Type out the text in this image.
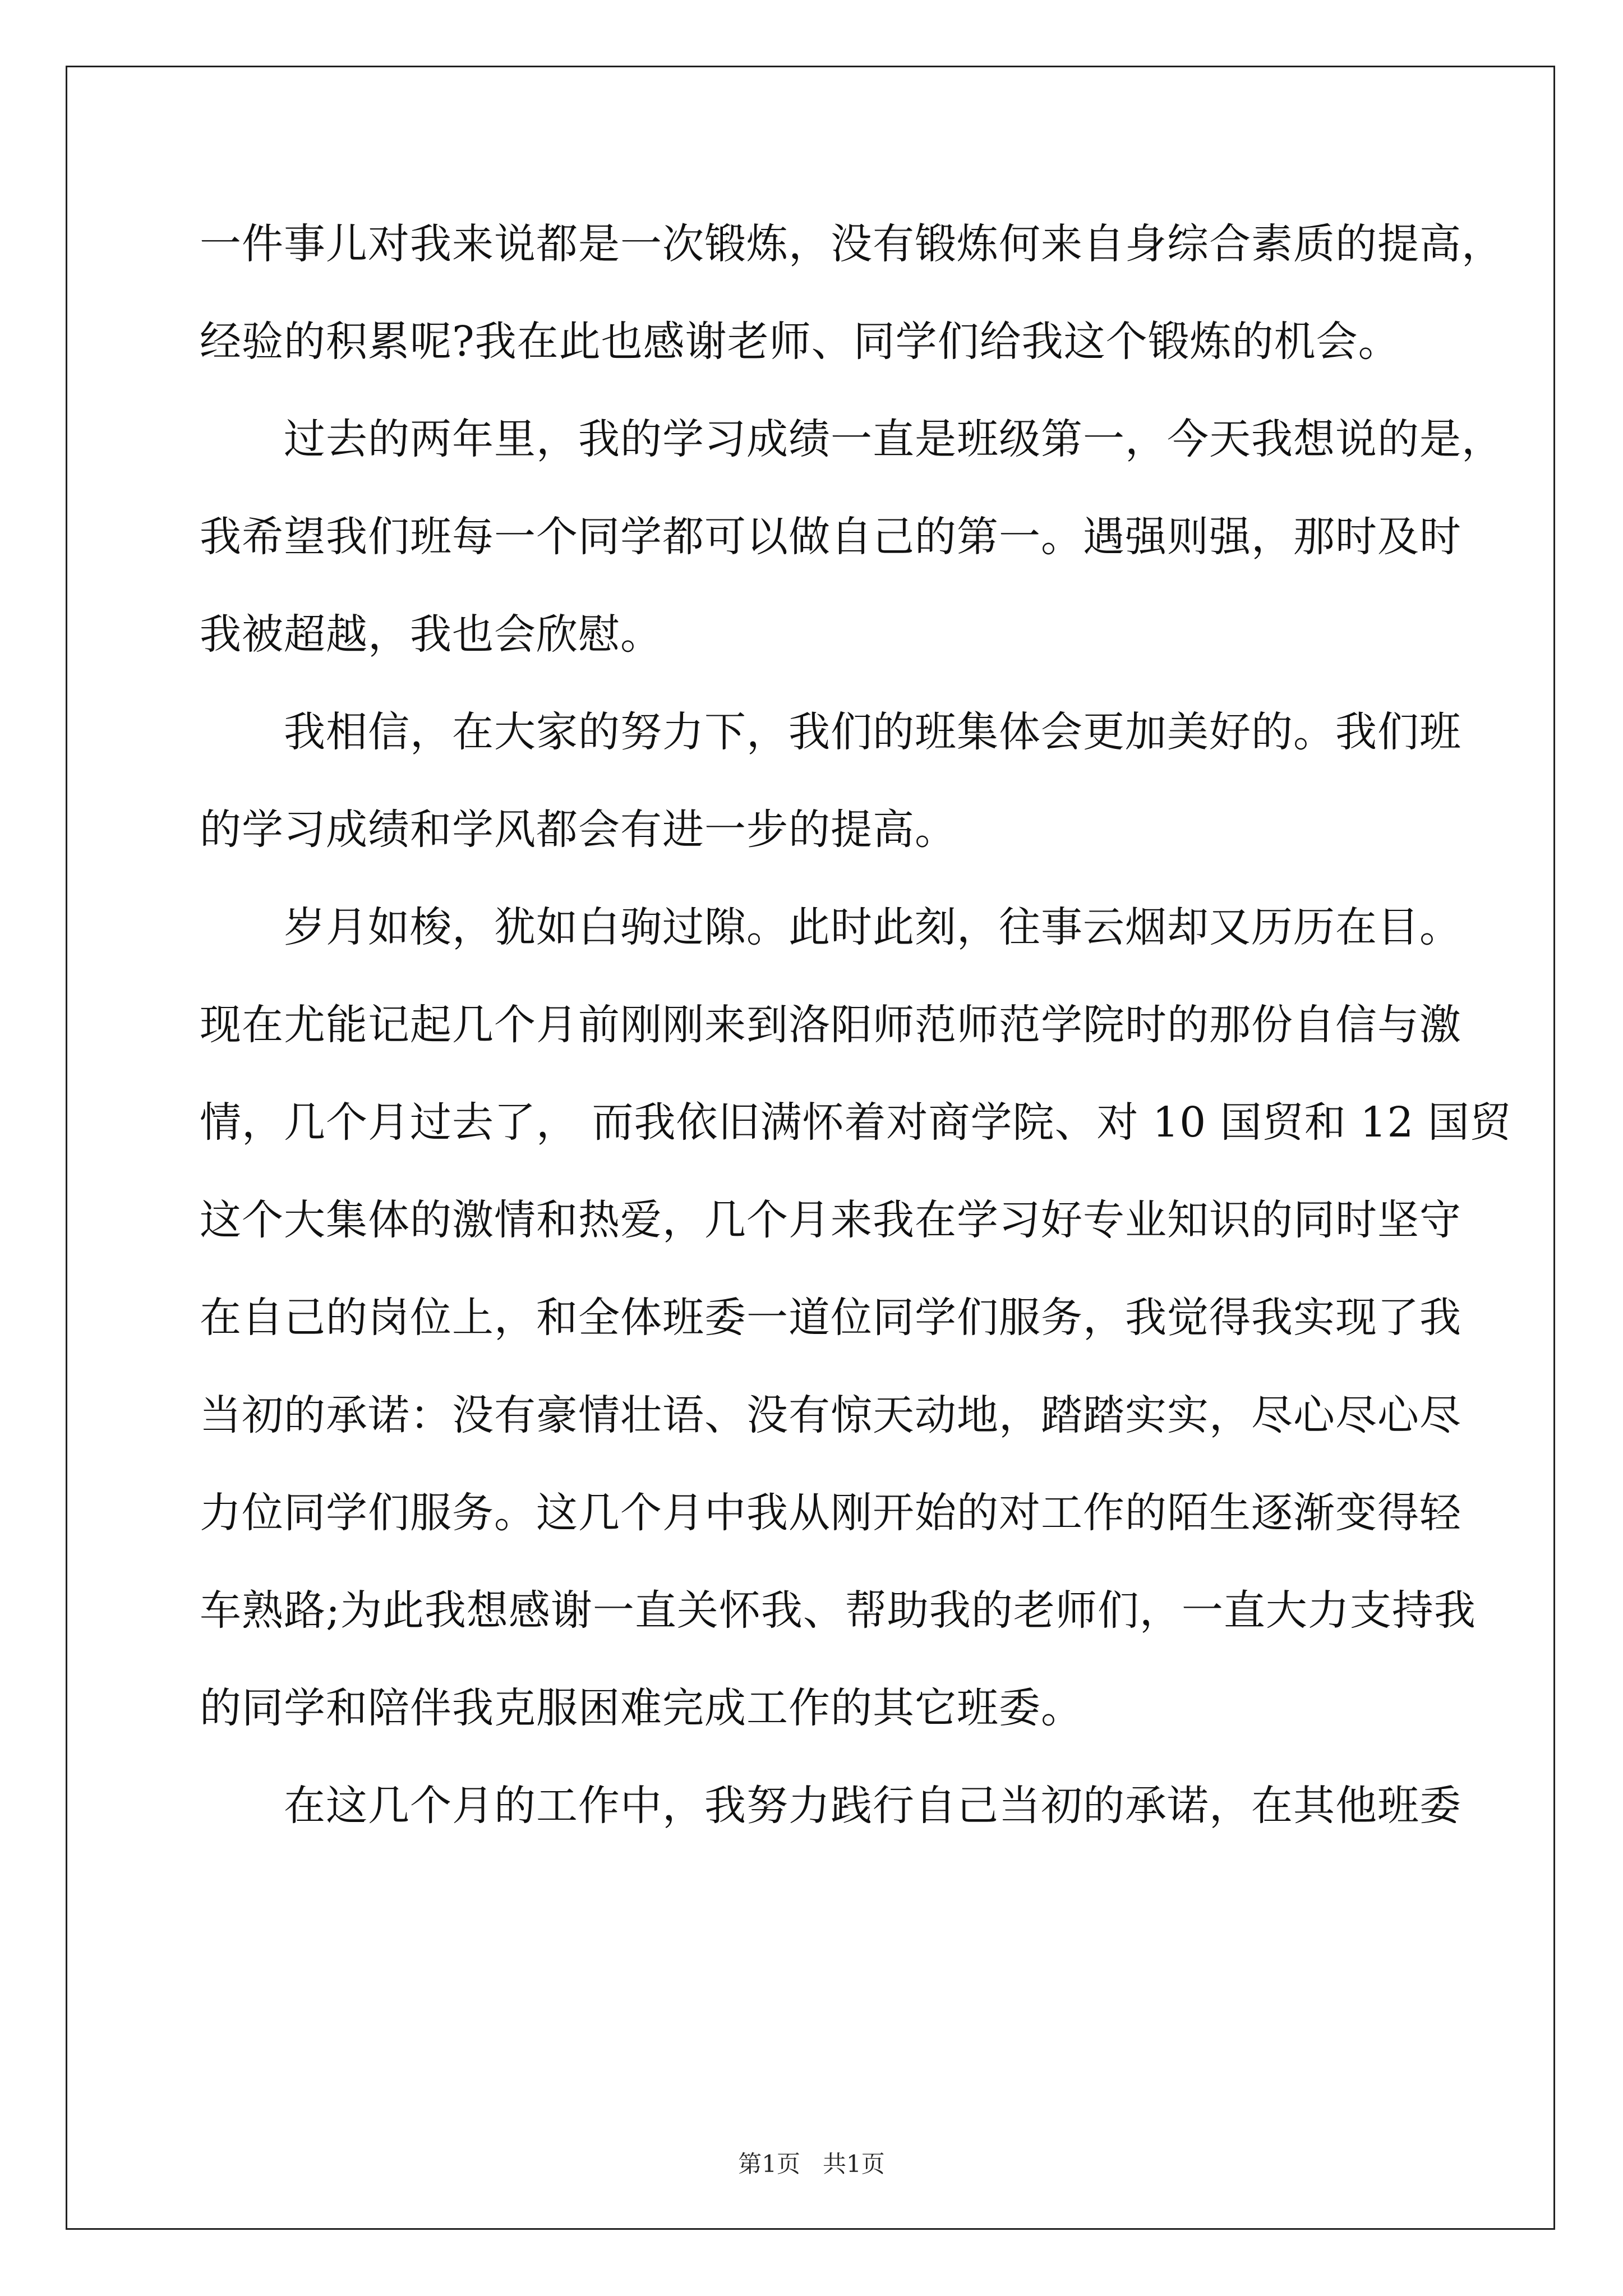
一件事儿对我来说都是一次锻炼，没有锻炼何来自身综合素质的提高，
经验的积累呢?我在此也感谢老师、同学们给我这个锻炼的机会。
过去的两年里，我的学习成绩一直是班级第一，今天我想说的是，
我希望我们班每一个同学都可以做自己的第一。遇强则强，那时及时
我被超越，我也会欣慰。
我相信，在大家的努力下，我们的班集体会更加美好的。我们班
的学习成绩和学风都会有进一步的提高。
岁月如梭，犹如白驹过隙。此时此刻，往事云烟却又历历在目。
现在尤能记起几个月前刚刚来到洛阳师范师范学院时的那份自信与激
情，几个月过去了， 而我依旧满怀着对商学院、对 10 国贸和 12 国贸
这个大集体的激情和热爱，几个月来我在学习好专业知识的同时坚守
在自己的岗位上，和全体班委一道位同学们服务，我觉得我实现了我
当初的承诺：没有豪情壮语、没有惊天动地，踏踏实实，尽心尽心尽
力位同学们服务。这几个月中我从刚开始的对工作的陌生逐渐变得轻
车熟路;为此我想感谢一直关怀我、帮助我的老师们，一直大力支持我
的同学和陪伴我克服困难完成工作的其它班委。
在这几个月的工作中，我努力践行自己当初的承诺，在其他班委
第1页 共1页
